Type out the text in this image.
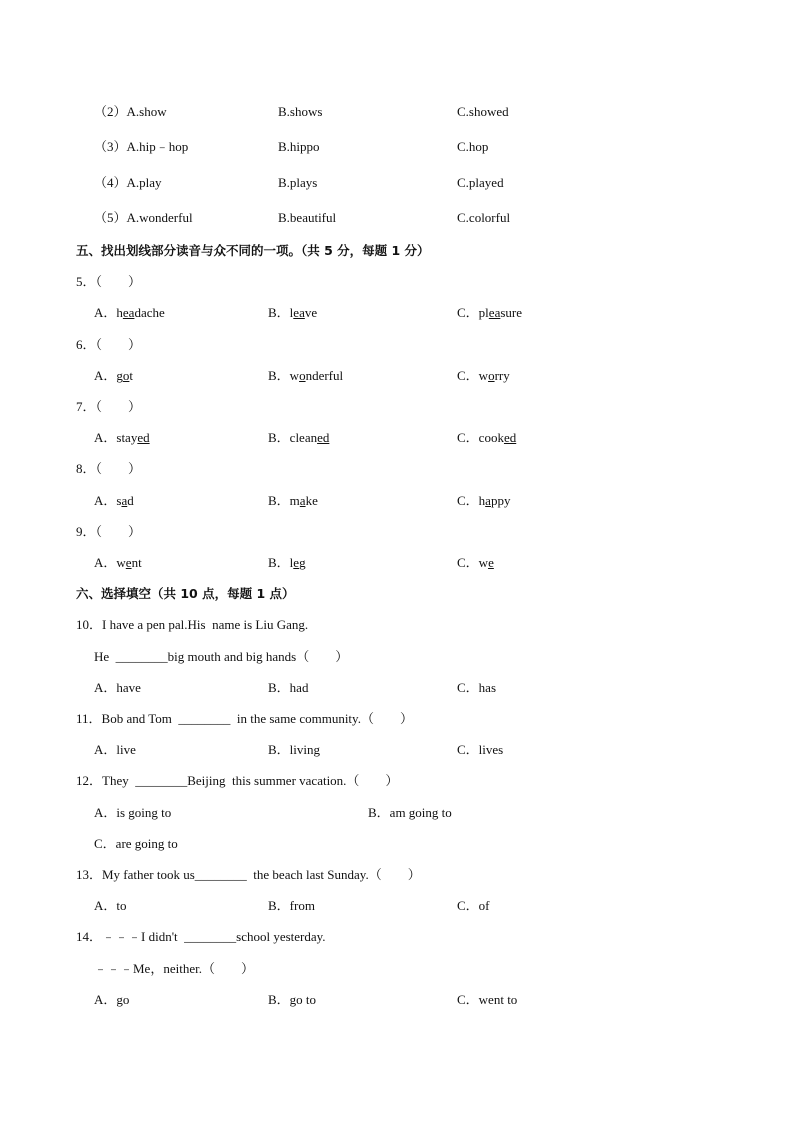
（2）A.show	B.shows	C.showed
（3）A.hip﹣hop	B.hippo	C.hop
（4）A.play	B.plays	C.played
（5）A.wonderful	B.beautiful	C.colorful
五、找出划线部分读音与众不同的一项。（共 5 分，每题 1 分）
5．（　　）
A．headache	B．leave	C．pleasure
6．（　　）
A．got	B．wonderful	C．worry
7．（　　）
A．stayed	B．cleaned	C．cooked
8．（　　）
A．sad	B．make	C．happy
9．（　　）
A．went	B．leg	C．we
六、选择填空（共 10 点，每题 1 点）
10．I have a pen pal.His  name is Liu Gang.
He  ________big mouth and big hands（　　）
A．have	B．had	C．has
11．Bob and Tom  ________  in the same community.（　　）
A．live	B．living	C．lives
12．They  ________Beijing  this summer vacation.（　　）
A．is going to	B．am going to
C．are going to
13．My father took us________  the beach last Sunday.（　　）
A．to	B．from	C．of
14．﹣﹣﹣I didn't  ________school yesterday.
﹣﹣﹣Me，neither.（　　）
A．go	B．go to	C．went to
